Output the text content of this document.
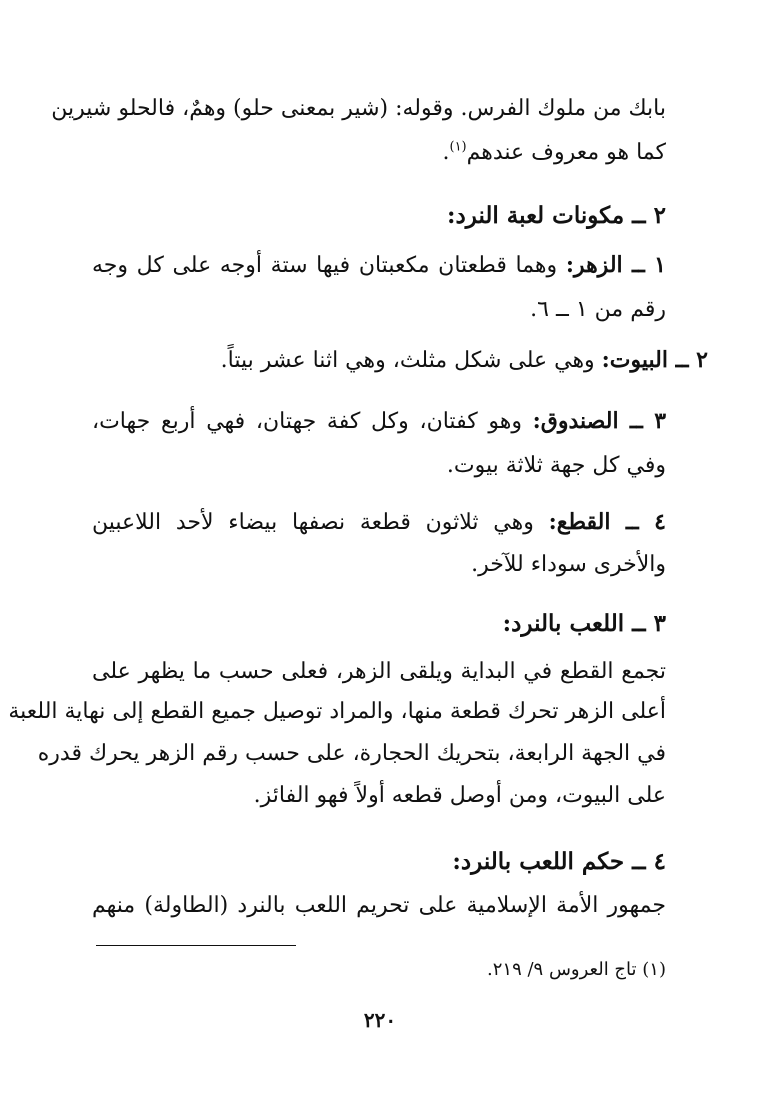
بابك من ملوك الفرس. وقوله: (شير بمعنى حلو) وهمٌ، فالحلو شيرين
كما هو معروف عندهم$^{(١)}$.
٢ ــ مكونات لعبة النرد:
١ ــ الزهر: وهما قطعتان مكعبتان فيها ستة أوجه على كل وجه
رقم من ١ ــ ٦.
٢ ــ البيوت: وهي على شكل مثلث، وهي اثنا عشر بيتاً.
٣ ــ الصندوق: وهو كفتان، وكل كفة جهتان، فهي أربع جهات،
وفي كل جهة ثلاثة بيوت.
٤ ــ القطع: وهي ثلاثون قطعة نصفها بيضاء لأحد اللاعبين
والأخرى سوداء للآخر.
٣ ــ اللعب بالنرد:
تجمع القطع في البداية ويلقى الزهر، فعلى حسب ما يظهر على
أعلى الزهر تحرك قطعة منها، والمراد توصيل جميع القطع إلى نهاية اللعبة
في الجهة الرابعة، بتحريك الحجارة، على حسب رقم الزهر يحرك قدره
على البيوت، ومن أوصل قطعه أولاً فهو الفائز.
٤ ــ حكم اللعب بالنرد:
جمهور الأمة الإسلامية على تحريم اللعب بالنرد (الطاولة) منهم
(١) تاج العروس ٩/ ٢١٩.
٢٢٠
